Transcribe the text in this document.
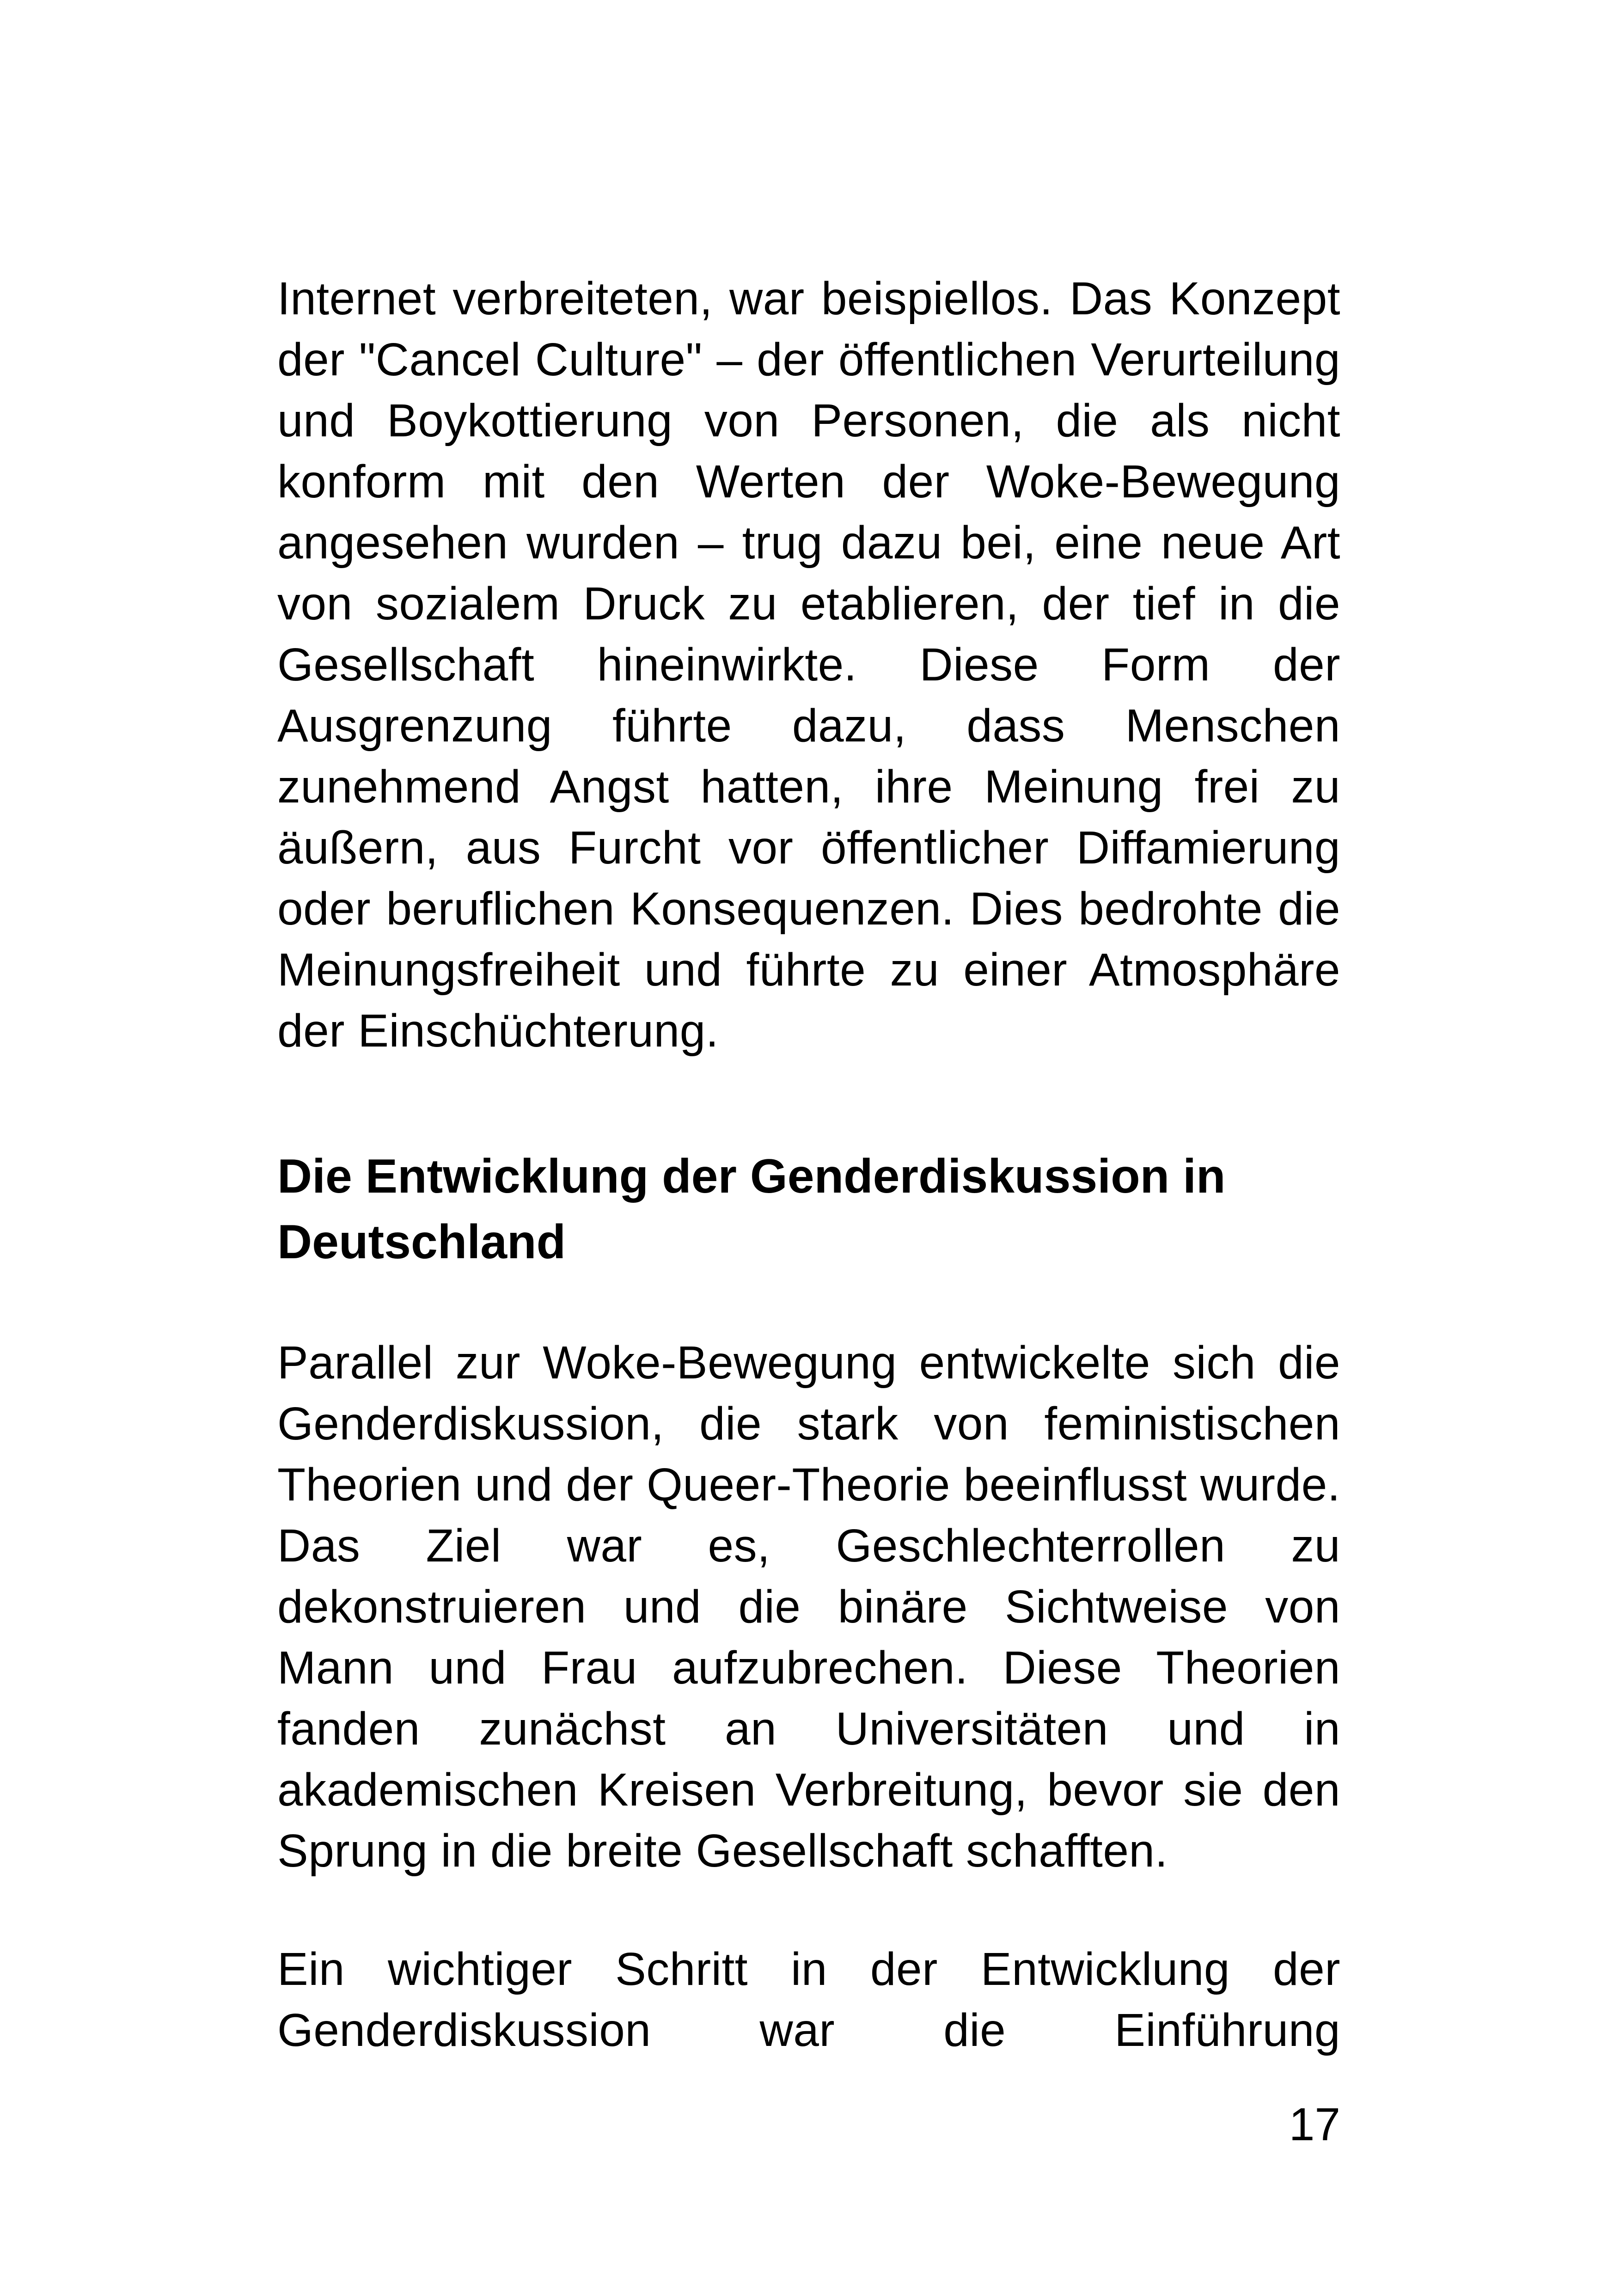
Internet verbreiteten, war beispiellos. Das Konzept der "Cancel Culture" – der öffentlichen Verurteilung und Boykottierung von Personen, die als nicht konform mit den Werten der Woke-Bewegung angesehen wurden – trug dazu bei, eine neue Art von sozialem Druck zu etablieren, der tief in die Gesellschaft hineinwirkte. Diese Form der Ausgrenzung führte dazu, dass Menschen zunehmend Angst hatten, ihre Meinung frei zu äußern, aus Furcht vor öffentlicher Diffamierung oder beruflichen Konsequenzen. Dies bedrohte die Meinungsfreiheit und führte zu einer Atmosphäre der Einschüchterung.

Die Entwicklung der Genderdiskussion in Deutschland

Parallel zur Woke-Bewegung entwickelte sich die Genderdiskussion, die stark von feministischen Theorien und der Queer-Theorie beeinflusst wurde. Das Ziel war es, Geschlechterrollen zu dekonstruieren und die binäre Sichtweise von Mann und Frau aufzubrechen. Diese Theorien fanden zunächst an Universitäten und in akademischen Kreisen Verbreitung, bevor sie den Sprung in die breite Gesellschaft schafften.

Ein wichtiger Schritt in der Entwicklung der Genderdiskussion war die Einführung

17
